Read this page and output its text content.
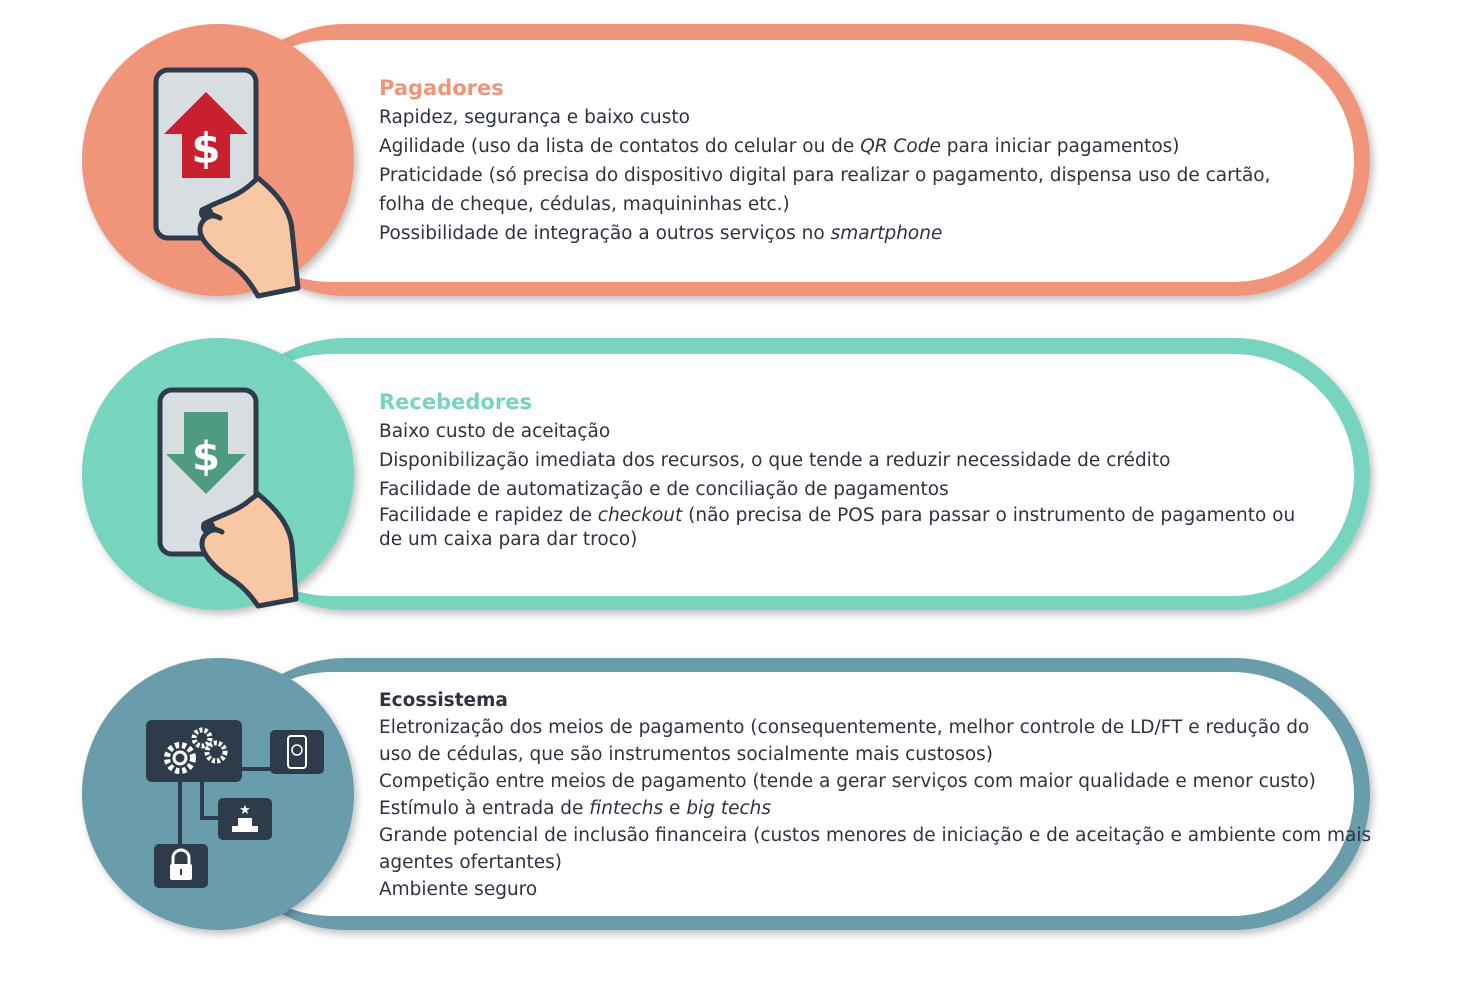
$
Pagadores
Rapidez, segurança e baixo custo
Agilidade (uso da lista de contatos do celular ou de QR Code para iniciar pagamentos)
Praticidade (só precisa do dispositivo digital para realizar o pagamento, dispensa uso de cartão,
folha de cheque, cédulas, maquininhas etc.)
Possibilidade de integração a outros serviços no smartphone
$
Recebedores
Baixo custo de aceitação
Disponibilização imediata dos recursos, o que tende a reduzir necessidade de crédito
Facilidade de automatização e de conciliação de pagamentos
Facilidade e rapidez de checkout (não precisa de POS para passar o instrumento de pagamento ou
de um caixa para dar troco)
★
Ecossistema
Eletronização dos meios de pagamento (consequentemente, melhor controle de LD/FT e redução do
uso de cédulas, que são instrumentos socialmente mais custosos)
Competição entre meios de pagamento (tende a gerar serviços com maior qualidade e menor custo)
Estímulo à entrada de fintechs e big techs
Grande potencial de inclusão financeira (custos menores de iniciação e de aceitação e ambiente com mais
agentes ofertantes)
Ambiente seguro
